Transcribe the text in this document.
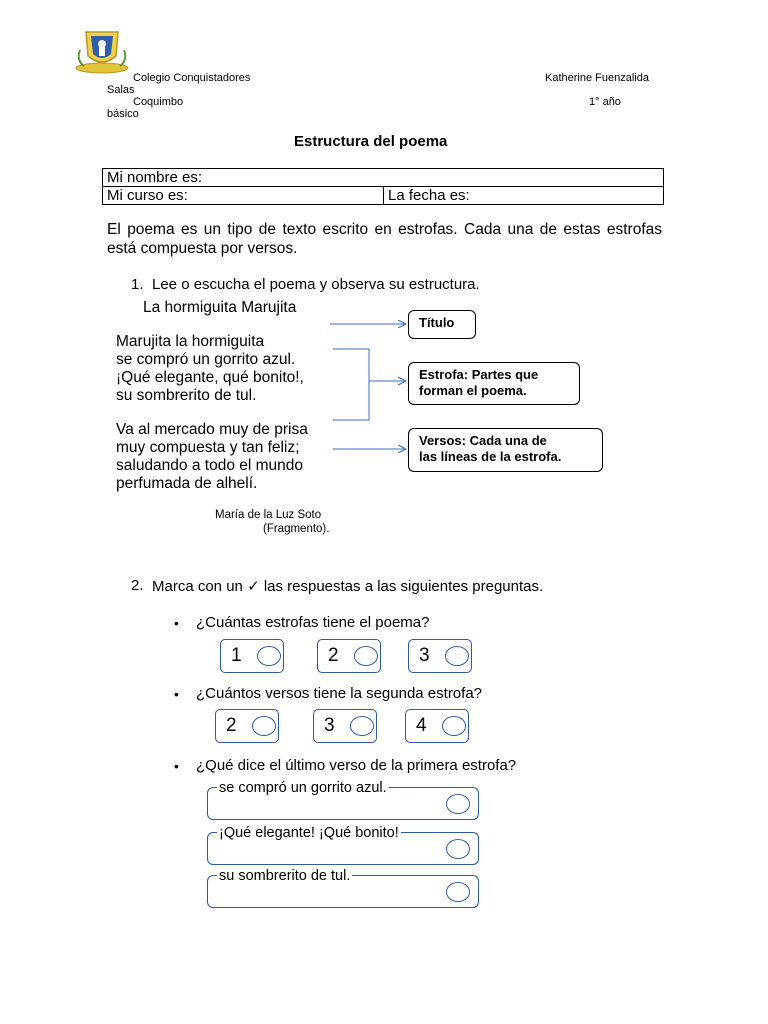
Colegio Conquistadores
Salas
Coquimbo
básico
Katherine Fuenzalida
1° año
Estructura del poema
Mi nombre es:
Mi curso es:	La fecha es:
El poema es un tipo de texto escrito en estrofas. Cada una de estas estrofas está compuesta por versos.
1. Lee o escucha el poema y observa su estructura.
La hormiguita Marujita
Marujita la hormiguita
se compró un gorrito azul.
¡Qué elegante, qué bonito!,
su sombrerito de tul.
Va al mercado muy de prisa
muy compuesta y tan feliz;
saludando a todo el mundo
perfumada de alhelí.
María de la Luz Soto
(Fragmento).
Título
Estrofa: Partes que
forman el poema.
Versos: Cada una de
las líneas de la estrofa.
2. Marca con un ✓ las respuestas a las siguientes preguntas.
• ¿Cuántas estrofas tiene el poema?
1	2	3
• ¿Cuántos versos tiene la segunda estrofa?
2	3	4
• ¿Qué dice el último verso de la primera estrofa?
se compró un gorrito azul.
¡Qué elegante! ¡Qué bonito!
su sombrerito de tul.
